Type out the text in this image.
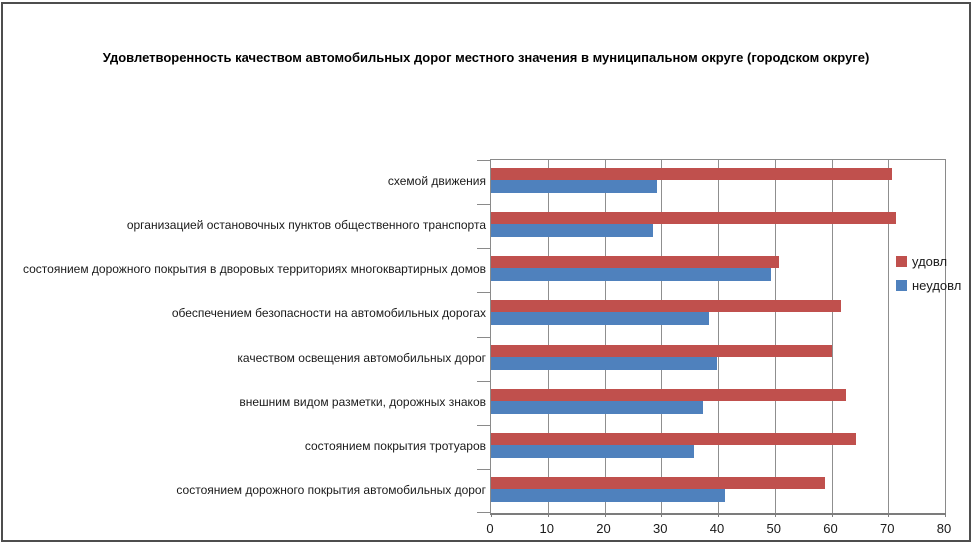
Удовлетворенность качеством автомобильных дорог местного значения в муниципальном округе (городском округе)
схемой движения
организацией остановочных пунктов общественного транспорта
состоянием дорожного покрытия в дворовых территориях многоквартирных домов
обеспечением безопасности на автомобильных дорогах
качеством освещения автомобильных дорог
внешним видом разметки, дорожных знаков
состоянием покрытия тротуаров
состоянием дорожного покрытия автомобильных дорог
0	10	20	30	40	50	60	70	80
удовл
неудовл
